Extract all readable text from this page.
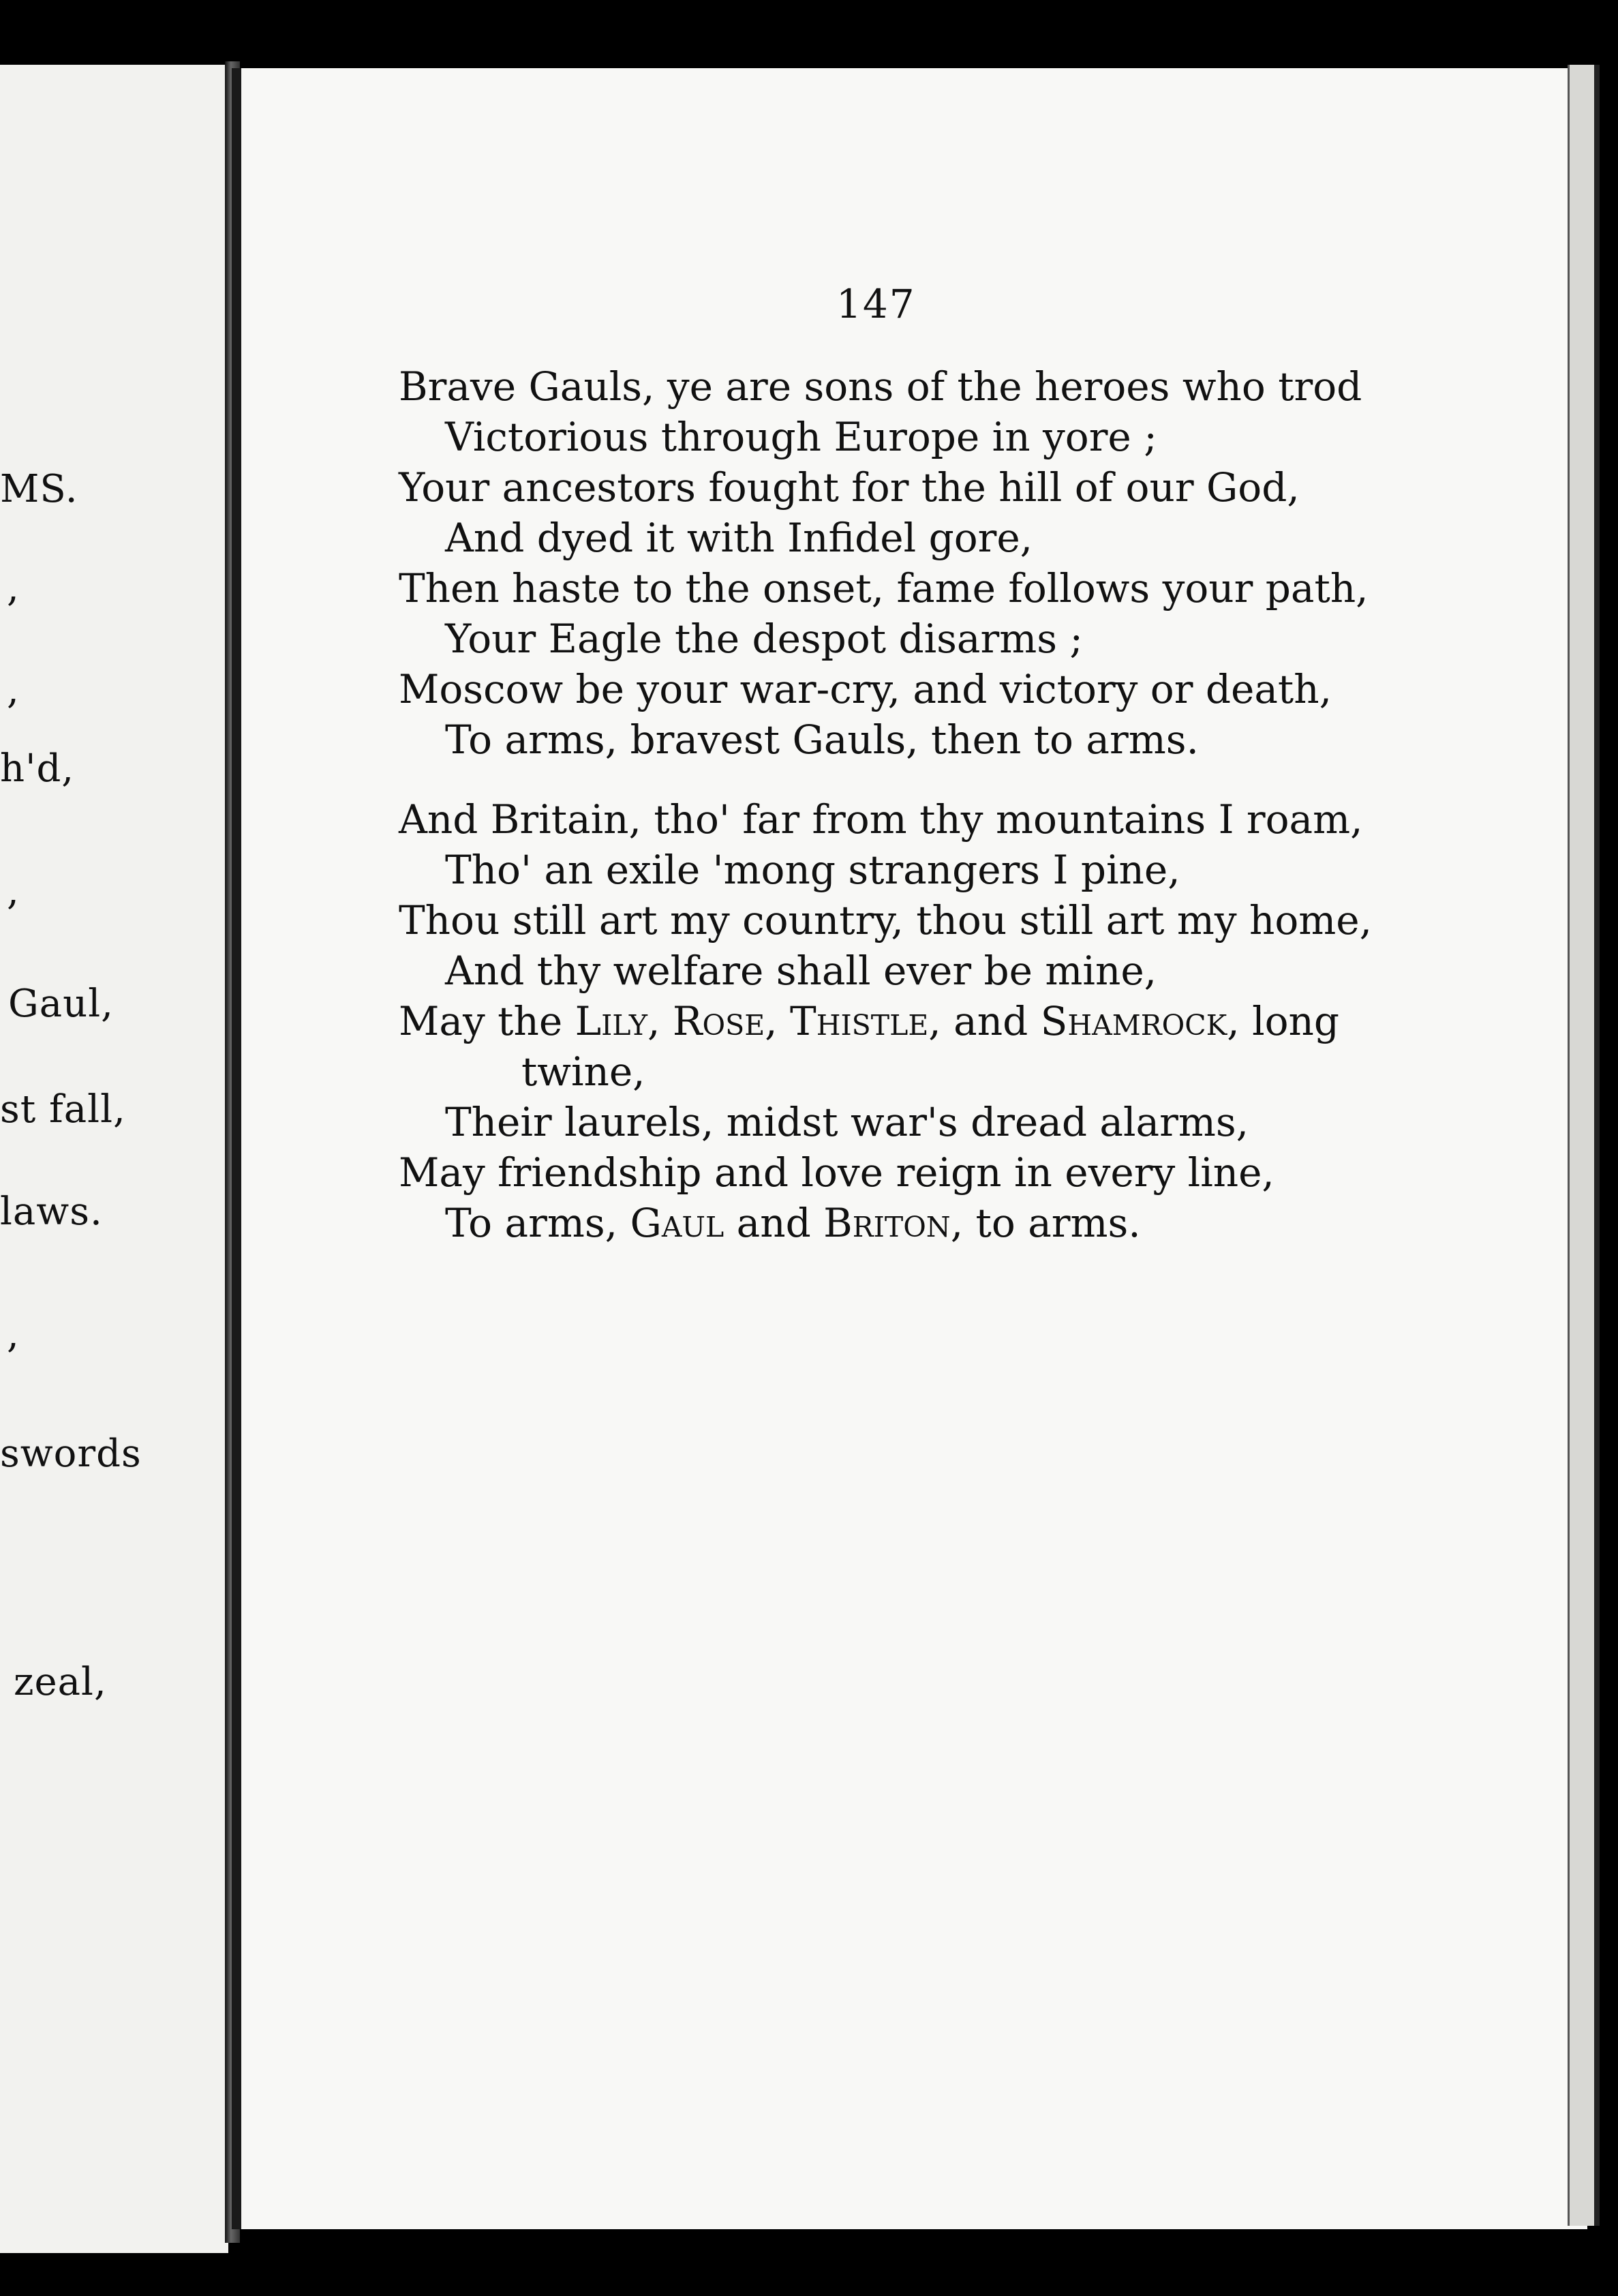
MS.
,
,
h'd,
,
Gaul,
st fall,
laws.
,
swords
zeal,
147
Brave Gauls, ye are sons of the heroes who trod
Victorious through Europe in yore ;
Your ancestors fought for the hill of our God,
And dyed it with Infidel gore,
Then haste to the onset, fame follows your path,
Your Eagle the despot disarms ;
Moscow be your war-cry, and victory or death,
To arms, bravest Gauls, then to arms.
And Britain, tho' far from thy mountains I roam,
Tho' an exile 'mong strangers I pine,
Thou still art my country, thou still art my home,
And thy welfare shall ever be mine,
May the Lily, Rose, Thistle, and Shamrock, long
twine,
Their laurels, midst war's dread alarms,
May friendship and love reign in every line,
To arms, Gaul and Briton, to arms.
